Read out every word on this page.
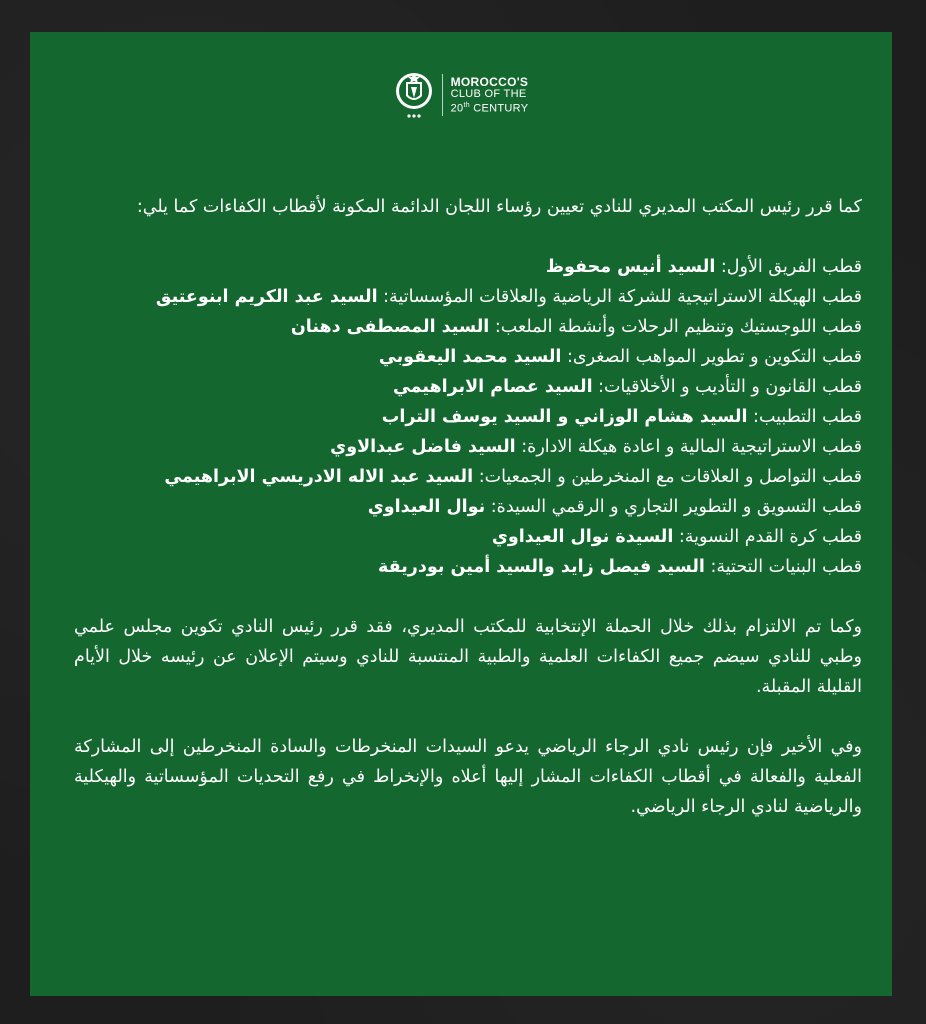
MOROCCO'S
CLUB OF THE
20th CENTURY

كما قرر رئيس المكتب المديري للنادي تعيين رؤساء اللجان الدائمة المكونة لأقطاب الكفاءات كما يلي:

قطب الفريق الأول: السيد أنيس محفوظ
قطب الهيكلة الاستراتيجية للشركة الرياضية والعلاقات المؤسساتية: السيد عبد الكريم ابنوعتيق
قطب اللوجستيك وتنظيم الرحلات وأنشطة الملعب: السيد المصطفى دهنان
قطب التكوين و تطوير المواهب الصغرى: السيد محمد اليعقوبي
قطب القانون و التأديب و الأخلاقيات: السيد عصام الابراهيمي
قطب التطبيب: السيد هشام الوزاني و السيد يوسف التراب
قطب الاستراتيجية المالية و اعادة هيكلة الادارة: السيد فاضل عبدالاوي
قطب التواصل و العلاقات مع المنخرطين و الجمعيات: السيد عبد الاله الادريسي الابراهيمي
قطب التسويق و التطوير التجاري و الرقمي السيدة: نوال العيداوي
قطب كرة القدم النسوية: السيدة نوال العيداوي
قطب البنيات التحتية: السيد فيصل زايد والسيد أمين بودريقة

وكما تم الالتزام بذلك خلال الحملة الإنتخابية للمكتب المديري، فقد قرر رئيس النادي تكوين مجلس علمي وطبي للنادي سيضم جميع الكفاءات العلمية والطبية المنتسبة للنادي وسيتم الإعلان عن رئيسه خلال الأيام القليلة المقبلة.

وفي الأخير فإن رئيس نادي الرجاء الرياضي يدعو السيدات المنخرطات والسادة المنخرطين إلى المشاركة الفعلية والفعالة في أقطاب الكفاءات المشار إليها أعلاه والإنخراط في رفع التحديات المؤسساتية والهيكلية والرياضية لنادي الرجاء الرياضي.
